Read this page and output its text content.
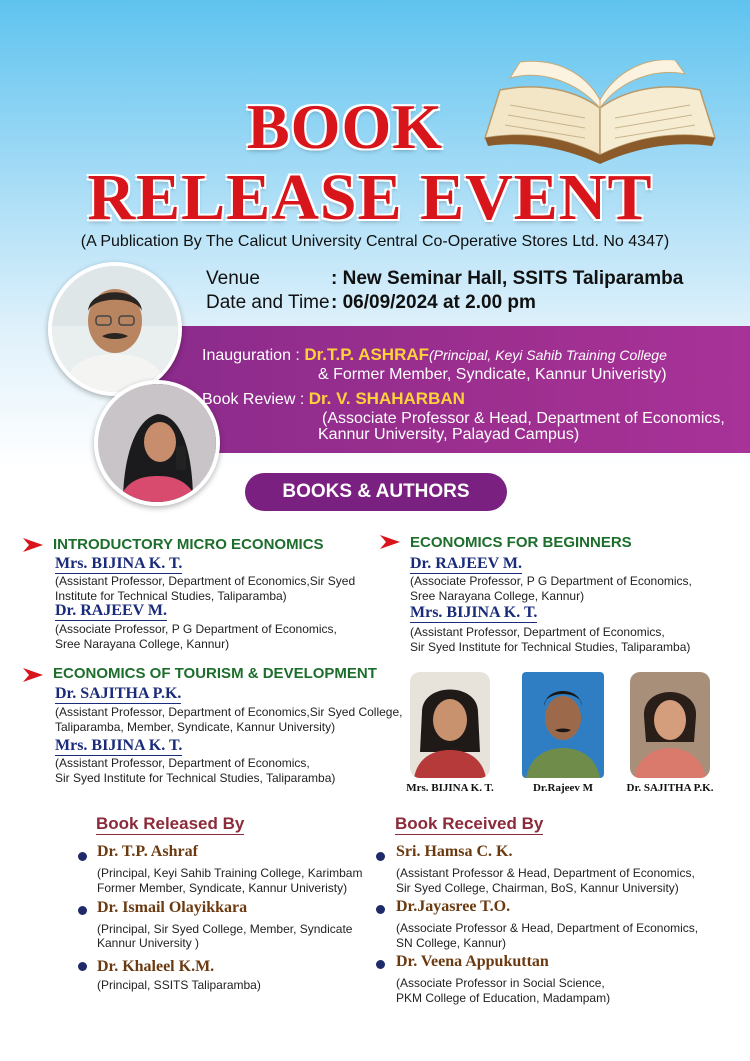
BOOK
RELEASE EVENT
(A Publication By The Calicut University Central Co-Operative Stores Ltd. No 4347)
Venue	: New Seminar Hall, SSITS Taliparamba
Date and Time: 06/09/2024 at 2.00 pm
Inauguration : Dr.T.P. ASHRAF(Principal, Keyi Sahib Training College
& Former Member, Syndicate, Kannur Univeristy)
Book Review : Dr. V. SHAHARBAN
(Associate Professor & Head, Department of Economics,
Kannur University, Palayad Campus)
BOOKS & AUTHORS
INTRODUCTORY MICRO ECONOMICS
Mrs. BIJINA K. T.
(Assistant Professor, Department of Economics,Sir Syed
Institute for Technical Studies, Taliparamba)
Dr. RAJEEV M.
(Associate Professor, P G Department of Economics,
Sree Narayana College, Kannur)
ECONOMICS FOR BEGINNERS
Dr. RAJEEV M.
(Associate Professor, P G Department of Economics,
Sree Narayana College, Kannur)
Mrs. BIJINA K. T.
(Assistant Professor, Department of Economics,
Sir Syed Institute for Technical Studies, Taliparamba)
ECONOMICS OF TOURISM & DEVELOPMENT
Dr. SAJITHA P.K.
(Assistant Professor, Department of Economics,Sir Syed College,
Taliparamba, Member, Syndicate, Kannur University)
Mrs. BIJINA K. T.
(Assistant Professor, Department of Economics,
Sir Syed Institute for Technical Studies, Taliparamba)
Mrs. BIJINA K. T.	Dr.Rajeev M	Dr. SAJITHA P.K.
Book Released By
Dr. T.P. Ashraf
(Principal, Keyi Sahib Training College, Karimbam
Former Member, Syndicate, Kannur Univeristy)
Dr. Ismail Olayikkara
(Principal, Sir Syed College, Member, Syndicate
Kannur University )
Dr. Khaleel K.M.
(Principal, SSITS Taliparamba)
Book Received By
Sri. Hamsa C. K.
(Assistant Professor & Head, Department of Economics,
Sir Syed College, Chairman, BoS, Kannur University)
Dr.Jayasree T.O.
(Associate Professor & Head, Department of Economics,
SN College, Kannur)
Dr. Veena Appukuttan
(Associate Professor in Social Science,
PKM College of Education, Madampam)
